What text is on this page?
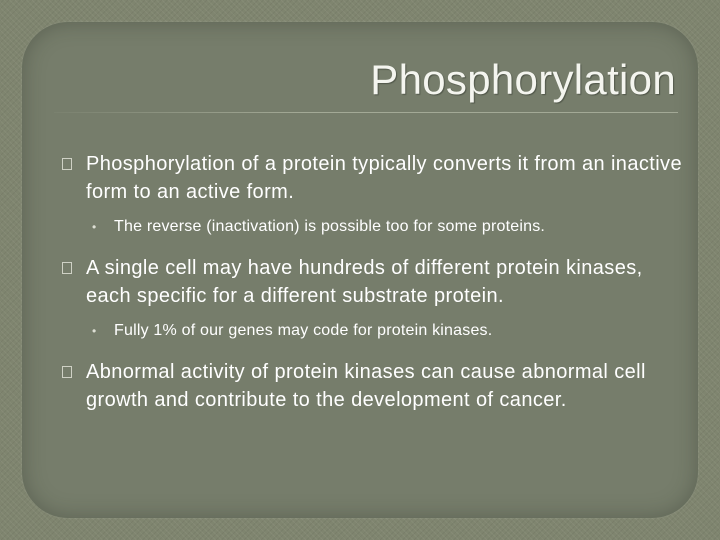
Phosphorylation
Phosphorylation of a protein typically converts it from an inactive form to an active form.
• The reverse (inactivation) is possible too for some proteins.
A single cell may have hundreds of different protein kinases, each specific for a different substrate protein.
• Fully 1% of our genes may code for protein kinases.
Abnormal activity of protein kinases can cause abnormal cell growth and contribute to the development of cancer.
